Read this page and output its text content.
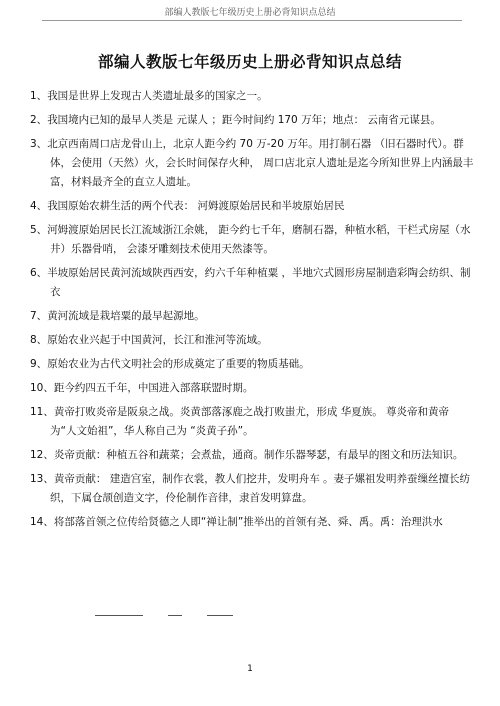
部编人教版七年级历史上册必背知识点总结
部编人教版七年级历史上册必背知识点总结
1、我国是世界上发现古人类遗址最多的国家之一。
2、我国境内已知的最早人类是 元谋人 ；距今时间约 170 万年；地点： 云南省元谋县。
3、北京西南周口店龙骨山上，北京人距今约 70 万-20 万年。用打制石器 （旧石器时代）。群体，会使用（天然）火，会长时间保存火种， 周口店北京人遗址是迄今所知世界上内涵最丰富，材料最齐全的直立人遗址。
4、我国原始农耕生活的两个代表： 河姆渡原始居民和半坡原始居民
5、河姆渡原始居民长江流域浙江余姚， 距今约七千年，磨制石器，种植水稻，干栏式房屋（水井）乐器骨哨， 会漆牙雕刻技术使用天然漆等。
6、半坡原始居民黄河流域陕西西安，约六千年种植粟 ，半地穴式圆形房屋制造彩陶会纺织、制衣
7、黄河流域是栽培粟的最早起源地。
8、原始农业兴起于中国黄河，长江和淮河等流域。
9、原始农业为古代文明社会的形成奠定了重要的物质基础。
10、距今约四五千年，中国进入部落联盟时期。
11、黄帝打败炎帝是阪泉之战。炎黄部落涿鹿之战打败蚩尤，形成 华夏族。 尊炎帝和黄帝为“人文始祖”，华人称自己为 “炎黄子孙”。
12、炎帝贡献：种植五谷和蔬菜；会煮盐，通商。制作乐器琴瑟，有最早的图文和历法知识。
13、黄帝贡献： 建造宫室，制作衣裳，教人们挖井，发明舟车 。妻子嫘祖发明养蚕缫丝擅长纺织，下属仓颉创造文字，伶伦制作音律，隶首发明算盘。
14、将部落首领之位传给贤德之人即“禅让制”推举出的首领有尧、舜、禹。禹：治理洪水

1
